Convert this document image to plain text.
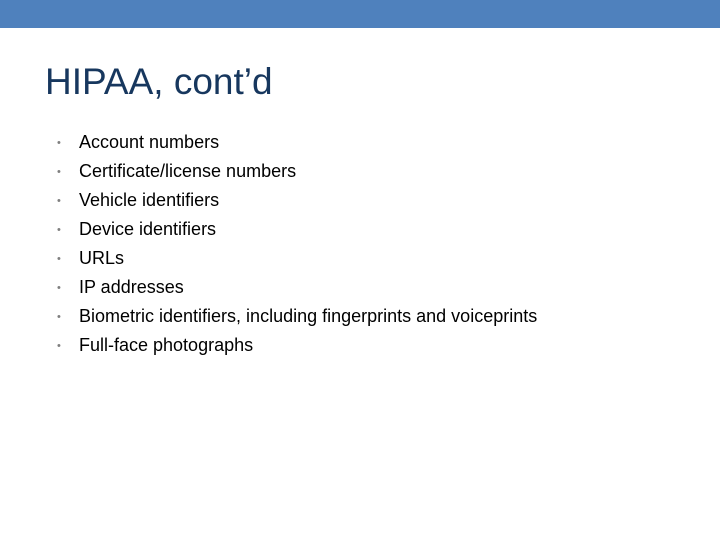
HIPAA, cont’d
•	Account numbers
•	Certificate/license numbers
•	Vehicle identifiers
•	Device identifiers
•	URLs
•	IP addresses
•	Biometric identifiers, including fingerprints and voiceprints
•	Full-face photographs
